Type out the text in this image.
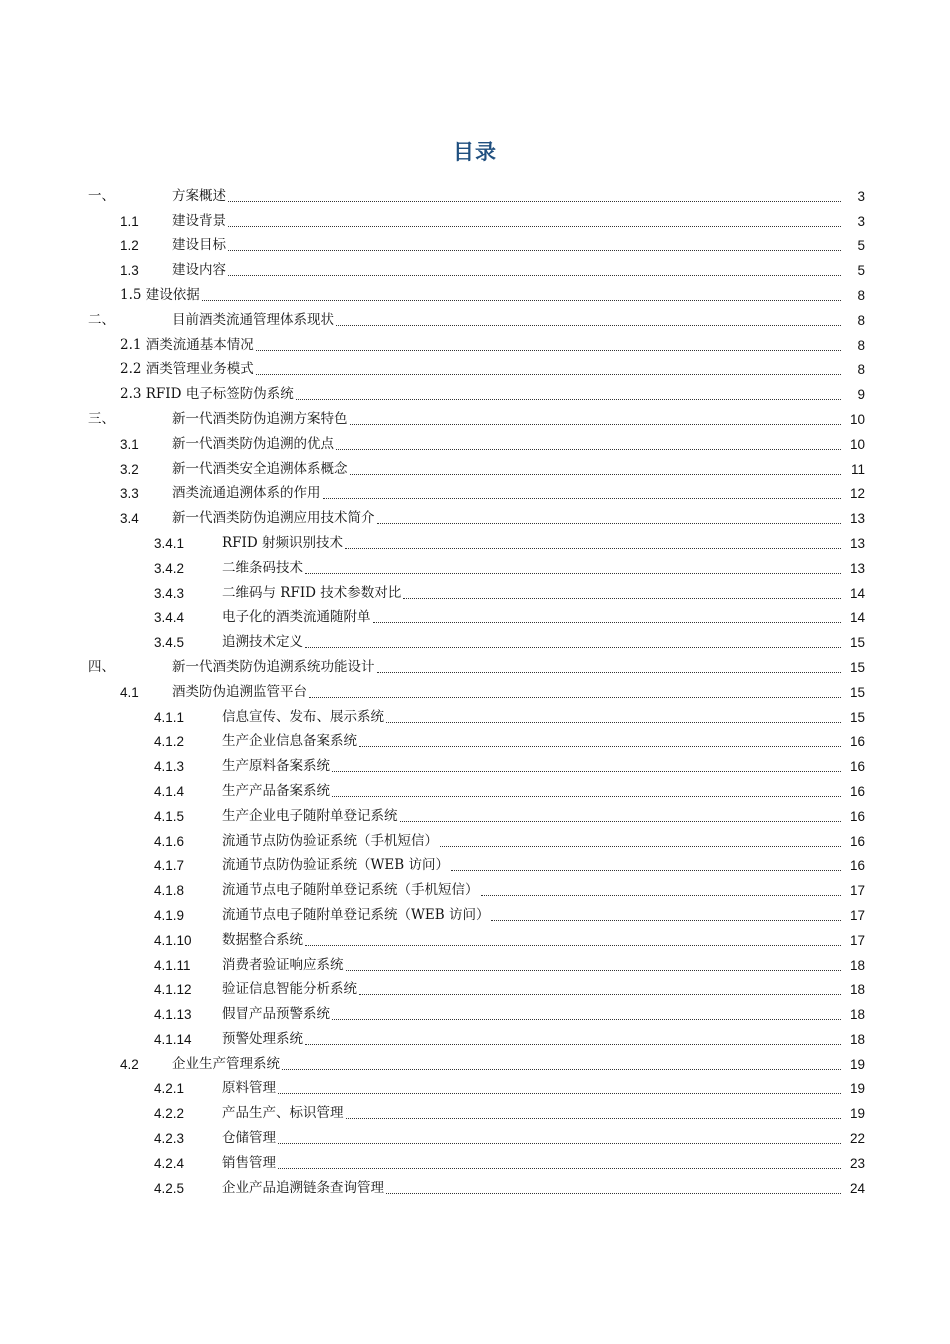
目录
一、	方案概述	3
1.1 建设背景	3
1.2 建设目标	5
1.3 建设内容	5
1.5 建设依据	8
二、	目前酒类流通管理体系现状	8
2.1 酒类流通基本情况	8
2.2 酒类管理业务模式	8
2.3 RFID 电子标签防伪系统	9
三、	新一代酒类防伪追溯方案特色	10
3.1 新一代酒类防伪追溯的优点	10
3.2 新一代酒类安全追溯体系概念	11
3.3 酒类流通追溯体系的作用	12
3.4 新一代酒类防伪追溯应用技术简介	13
3.4.1	RFID 射频识别技术	13
3.4.2	二维条码技术	13
3.4.3	二维码与 RFID 技术参数对比	14
3.4.4	电子化的酒类流通随附单	14
3.4.5	追溯技术定义	15
四、	新一代酒类防伪追溯系统功能设计	15
4.1 酒类防伪追溯监管平台	15
4.1.1	信息宣传、发布、展示系统	15
4.1.2	生产企业信息备案系统	16
4.1.3	生产原料备案系统	16
4.1.4	生产产品备案系统	16
4.1.5	生产企业电子随附单登记系统	16
4.1.6	流通节点防伪验证系统（手机短信）	16
4.1.7	流通节点防伪验证系统（WEB 访问）	16
4.1.8	流通节点电子随附单登记系统（手机短信）	17
4.1.9	流通节点电子随附单登记系统（WEB 访问）	17
4.1.10 数据整合系统	17
4.1.11 消费者验证响应系统	18
4.1.12 验证信息智能分析系统	18
4.1.13 假冒产品预警系统	18
4.1.14 预警处理系统	18
4.2 企业生产管理系统	19
4.2.1	原料管理	19
4.2.2	产品生产、标识管理	19
4.2.3	仓储管理	22
4.2.4	销售管理	23
4.2.5	企业产品追溯链条查询管理	24
